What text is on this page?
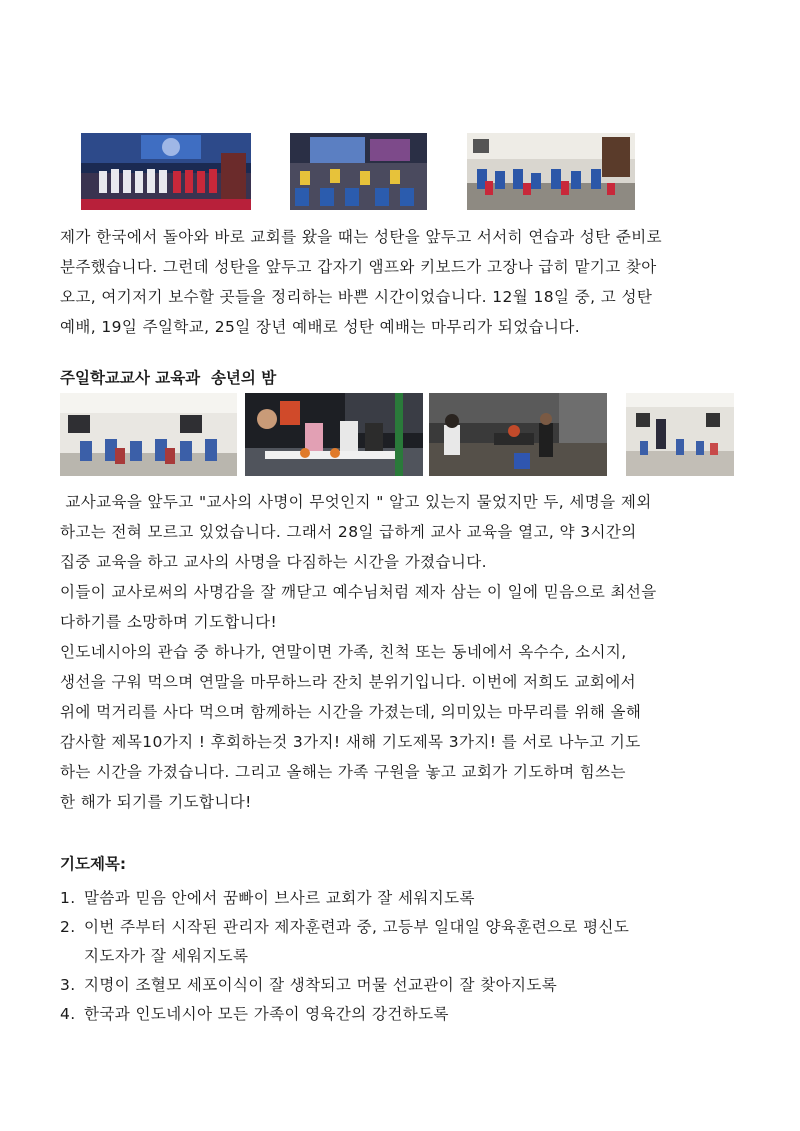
제가 한국에서 돌아와 바로 교회를 왔을 때는 성탄을 앞두고 서서히 연습과 성탄 준비로
분주했습니다. 그런데 성탄을 앞두고 갑자기 앰프와 키보드가 고장나 급히 맡기고 찾아
오고, 여기저기 보수할 곳들을 정리하는 바쁜 시간이었습니다. 12월 18일 중, 고 성탄
예배, 19일 주일학교, 25일 장년 예배로 성탄 예배는 마무리가 되었습니다.

주일학교교사 교육과  송년의 밤

교사교육을 앞두고 "교사의 사명이 무엇인지 " 알고 있는지 물었지만 두, 세명을 제외
하고는 전혀 모르고 있었습니다. 그래서 28일 급하게 교사 교육을 열고, 약 3시간의
집중 교육을 하고 교사의 사명을 다짐하는 시간을 가졌습니다.
이들이 교사로써의 사명감을 잘 깨닫고 예수님처럼 제자 삼는 이 일에 믿음으로 최선을
다하기를 소망하며 기도합니다!
인도네시아의 관습 중 하나가, 연말이면 가족, 친척 또는 동네에서 옥수수, 소시지,
생선을 구워 먹으며 연말을 마무하느라 잔치 분위기입니다. 이번에 저희도 교회에서
위에 먹거리를 사다 먹으며 함께하는 시간을 가졌는데, 의미있는 마무리를 위해 올해
감사할 제목10가지 ! 후회하는것 3가지! 새해 기도제목 3가지! 를 서로 나누고 기도
하는 시간을 가졌습니다. 그리고 올해는 가족 구원을 놓고 교회가 기도하며 힘쓰는
한 해가 되기를 기도합니다!

기도제목:
1. 말씀과 믿음 안에서 꿈빠이 브사르 교회가 잘 세워지도록
2. 이번 주부터 시작된 관리자 제자훈련과 중, 고등부 일대일 양육훈련으로 평신도
지도자가 잘 세워지도록
3. 지명이 조혈모 세포이식이 잘 생착되고 머물 선교관이 잘 찾아지도록
4. 한국과 인도네시아 모든 가족이 영육간의 강건하도록
